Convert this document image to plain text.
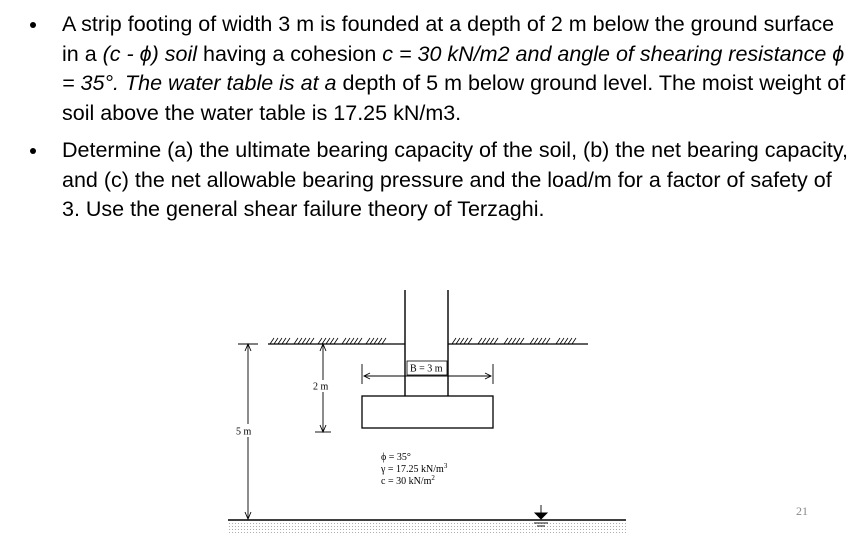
A strip footing of width 3 m is founded at a depth of 2 m below the ground surface in a (c - ϕ) soil having a cohesion c = 30 kN/m2 and angle of shearing resistance ϕ = 35°. The water table is at a depth of 5 m below ground level. The moist weight of soil above the water table is 17.25 kN/m3.
Determine (a) the ultimate bearing capacity of the soil, (b) the net bearing capacity, and (c) the net allowable bearing pressure and the load/m for a factor of safety of 3. Use the general shear failure theory of Terzaghi.
B = 3 m
2 m
5 m
ϕ = 35°
γ = 17.25 $kN/m^3$
c = 30 $kN/m^2$
21
